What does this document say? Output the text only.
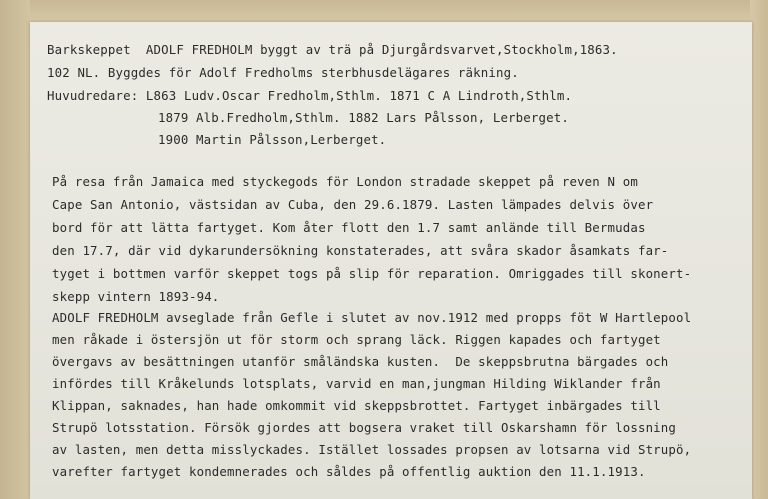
Barkskeppet  ADOLF FREDHOLM byggt av trä på Djurgårdsvarvet,Stockholm,1863.
102 NL. Byggdes för Adolf Fredholms sterbhusdelägares räkning.
Huvudredare: L863 Ludv.Oscar Fredholm,Sthlm. 1871 C A Lindroth,Sthlm.
1879 Alb.Fredholm,Sthlm. 1882 Lars Pålsson, Lerberget.
1900 Martin Pålsson,Lerberget.
På resa från Jamaica med styckegods för London stradade skeppet på reven N om
Cape San Antonio, västsidan av Cuba, den 29.6.1879. Lasten lämpades delvis över
bord för att lätta fartyget. Kom åter flott den 1.7 samt anlände till Bermudas
den 17.7, där vid dykarundersökning konstaterades, att svåra skador åsamkats far-
tyget i bottmen varför skeppet togs på slip för reparation. Omriggades till skonert-
skepp vintern 1893-94.
ADOLF FREDHOLM avseglade från Gefle i slutet av nov.1912 med propps föt W Hartlepool
men råkade i östersjön ut för storm och sprang läck. Riggen kapades och fartyget
övergavs av besättningen utanför småländska kusten.  De skeppsbrutna bärgades och
infördes till Kråkelunds lotsplats, varvid en man,jungman Hilding Wiklander från
Klippan, saknades, han hade omkommit vid skeppsbrottet. Fartyget inbärgades till
Strupö lotsstation. Försök gjordes att bogsera vraket till Oskarshamn för lossning
av lasten, men detta misslyckades. Istället lossades propsen av lotsarna vid Strupö,
varefter fartyget kondemnerades och såldes på offentlig auktion den 11.1.1913.
